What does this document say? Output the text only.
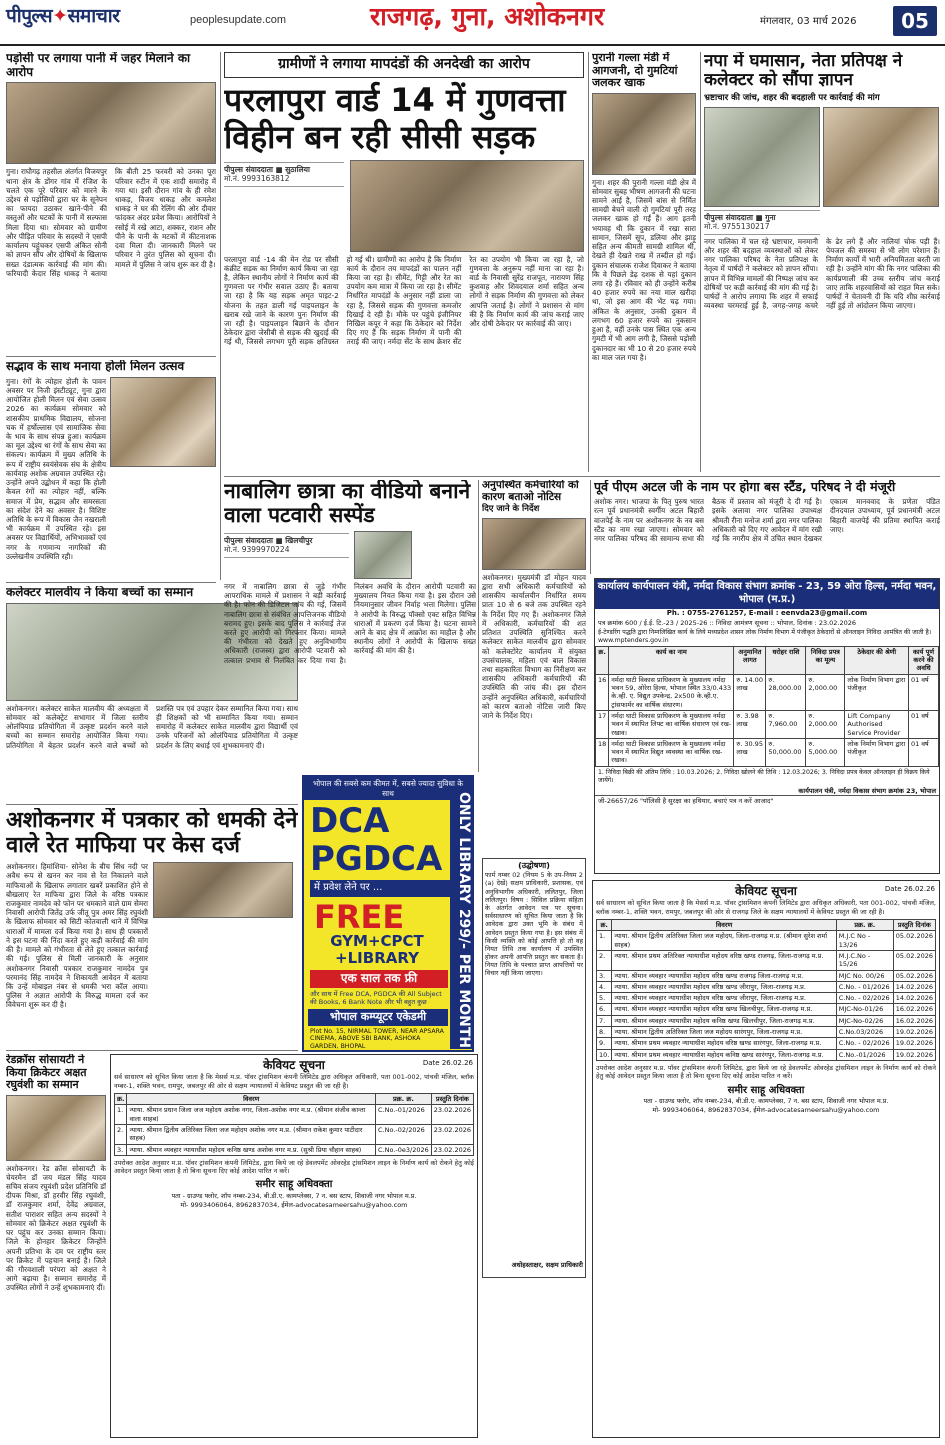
पीपुल्स✦समाचार	peoplesupdate.com	राजगढ़, गुना, अशोकनगर	मंगलवार, 03 मार्च 2026	05
पड़ोसी पर लगाया पानी में जहर मिलाने का आरोप
गुना। राघौगढ़ तहसील अंतर्गत विजयपुर थाना क्षेत्र के डोंगर गांव में रंजिश के चलते एक पूरे परिवार को मारने के उद्देश्य से पड़ोसियों द्वारा घर के सूनेपन का फायदा उठाकर खाने-पीने की वस्तुओं और घटकों के पानी में सल्फास मिला दिया था। सोमवार को ग्रामीण और पीड़ित परिवार के सदस्यों ने एसपी कार्यालय पहुंचकर एसपी अंकित सोनी को ज्ञापन सौंप और दोषियों के खिलाफ सख्त दंडात्मक कार्रवाई की मांग की। फरियादी केदार सिंह धाकड़ ने बताया कि बीती 25 फरवरी को उनका पूरा परिवार रुटीन में एक शादी समारोह में गया था। इसी दौरान गांव के ही रमेश धाकड़, विजय धाकड़ और कमलेश धाकड़ ने घर की रेलिंग की ओर दीवार फांदकर अंदर प्रवेश किया। आरोपियों ने रसोई में रखे आटा, शक्कर, राशन और पीने के पानी के मटकों में कीटनाशक दवा मिला दी। जानकारी मिलने पर परिवार ने तुरंत पुलिस को सूचना दी। मामले में पुलिस ने जांच शुरू कर दी है।
सद्भाव के साथ मनाया होली मिलन उत्सव
गुना। रंगों के त्योहार होली के पावन अवसर पर निजी इंस्टीट्यूट, गुना द्वारा आयोजित होली मिलन एवं सेवा उत्सव 2026 का कार्यक्रम सोमवार को शासकीय प्राथमिक विद्यालय, सोजना चक में हर्षोल्लास एवं सामाजिक सेवा के भाव के साथ संपन्न हुआ। कार्यक्रम का मूल उद्देश्य था रंगों के साथ सेवा का संकल्प। कार्यक्रम में मुख्य अतिथि के रूप में राष्ट्रीय स्वयंसेवक संघ के क्षेत्रीय कार्यवाह अशोक अग्रवाल उपस्थित रहे। उन्होंने अपने उद्बोधन में कहा कि होली केवल रंगों का त्योहार नहीं, बल्कि समाज में प्रेम, सद्भाव और समरसता का संदेश देने का अवसर है। विशिष्ट अतिथि के रूप में विकास जैन नखराली भी कार्यक्रम में उपस्थित रहे। इस अवसर पर विद्यार्थियों, अभिभावकों एवं नगर के गणमान्य नागरिकों की उल्लेखनीय उपस्थिति रही।
कलेक्टर मालवीय ने किया बच्चों का सम्मान
अशोकनगर। कलेक्टर साकेत मालवीय की अध्यक्षता में सोमवार को कलेक्ट्रेट सभागार में जिला स्तरीय ओलंपियाड प्रतियोगिता में उत्कृष्ट प्रदर्शन करने वाले बच्चों का सम्मान समारोह आयोजित किया गया। प्रतियोगिता में बेहतर प्रदर्शन करने वाले बच्चों को प्रशस्ति पत्र एवं उपहार देकर सम्मानित किया गया। साथ ही शिक्षकों को भी सम्मानित किया गया। सम्मान समारोह में कलेक्टर साकेत मालवीय द्वारा विद्यार्थी एवं उनके परिजनों को ओलंपियाड प्रतियोगिता में उत्कृष्ट प्रदर्शन के लिए बधाई एवं शुभकामनाएं दी।
अशोकनगर में पत्रकार को धमकी देने वाले रेत माफिया पर केस दर्ज
अशोकनगर। हिमांशिया- सोनेश के बीच सिंध नदी पर अवैध रूप से खनन कर नाव से रेत निकालने वाले माफियाओं के खिलाफ लगातार खबरें प्रकाशित होने से बौखलाए रेत माफिया द्वारा जिले के वरिष्ठ पत्रकार राजकुमार नामदेव को फोन पर धमकाने वाले ग्राम सेमरा निवासी आरोपी जितेंद्र उर्फ जीतू पुत्र अमर सिंह रघुवंशी के खिलाफ सोमवार को सिटी कोतवाली थाने में विभिन्न धाराओं में मामला दर्ज किया गया है। साथ ही पत्रकारों ने इस घटना की निंदा करते हुए कड़ी कार्रवाई की मांग की है। मामले को गंभीरता से लेते हुए तत्काल कार्रवाई की गई। पुलिस से मिली जानकारी के अनुसार अशोकनगर निवासी पत्रकार राजकुमार नामदेव पुत्र परमानंद सिंह नामदेव ने शिकायती आवेदन में बताया कि उन्हें मोबाइल नंबर से धमकी भरा कॉल आया। पुलिस ने अज्ञात आरोपी के विरुद्ध मामला दर्ज कर विवेचना शुरू कर दी है।
रेडक्रॉस सोसायटी ने किया क्रिकेटर अक्षत रघुवंशी का सम्मान
अशोकनगर। रेड क्रॉस सोसायटी के चेयरमैन डॉ जय मंडल सिंह यादव सचिव संजय रघुवंशी प्रदेश प्रतिनिधि डॉ दीपक मिश्रा, डॉ हरवीर सिंह रघुवंशी, डॉ राजकुमार शर्मा, देवेंद्र अग्रवाल, सतीश पाराशर सहित अन्य सदस्यों ने सोमवार को क्रिकेटर अक्षत रघुवंशी के घर पहुंच कर उनका सम्मान किया। जिले के होनहार क्रिकेटर जिन्होंने अपनी प्रतिभा के दम पर राष्ट्रीय स्तर पर क्रिकेट में पहचान बनाई है। जिले की गौरवशाली परंपरा को अक्षत ने आगे बढ़ाया है। सम्मान समारोह में उपस्थित लोगों ने उन्हें शुभकामनाएं दीं।
ग्रामीणों ने लगाया मापदंडों की अनदेखी का आरोप
परलापुरा वार्ड 14 में गुणवत्ता विहीन बन रही सीसी सड़क
पीपुल्स संवाददाता ■ सुठालिया
मो.नं. 9993163812
परलापुरा वार्ड -14 की मेन रोड पर सीसी कंक्रीट सड़क का निर्माण कार्य किया जा रहा है, लेकिन स्थानीय लोगों ने निर्माण कार्य की गुणवत्ता पर गंभीर सवाल उठाए हैं। बताया जा रहा है कि यह सड़क अमृत पाइट-2 योजना के तहत डाली गई पाइपलाइन के खराब रखे जाने के कारण पुनः निर्माण की जा रही है। पाइपलाइन बिछाने के दौरान ठेकेदार द्वारा जेसीबी से सड़क की खुदाई की गई थी, जिससे लगभग पूरी सड़क क्षतिग्रस्त हो गई थी। ग्रामीणों का आरोप है कि निर्माण कार्य के दौरान तय मापदंडों का पालन नहीं किया जा रहा है। सीमेंट, गिट्टी और रेत का उपयोग कम मात्रा में किया जा रहा है। सीमेंट निर्धारित मापदंडों के अनुसार नहीं डाला जा रहा है, जिससे सड़क की गुणवत्ता कमजोर दिखाई दे रही है। मौके पर पहुंचे इंजीनियर निखिल कपूर ने कहा कि ठेकेदार को निर्देश दिए गए हैं कि सड़क निर्माण में पानी की तराई की जाए। नर्मदा सेंट के साथ क्रेशर सेंट रेत का उपयोग भी किया जा रहा है, जो गुणवत्ता के अनुरूप नहीं माना जा रहा है। वार्ड के निवासी सुरेंद्र राजपूत, नारायण सिंह कुशवाह और शिवदयाल शर्मा सहित अन्य लोगों ने सड़क निर्माण की गुणवत्ता को लेकर आपत्ति जताई है। लोगों ने प्रशासन से मांग की है कि निर्माण कार्य की जांच कराई जाए और दोषी ठेकेदार पर कार्रवाई की जाए।
पुरानी गल्ला मंडी में आगजनी, दो गुमटियां जलकर खाक
गुना। शहर की पुरानी गल्ला मंडी क्षेत्र में सोमवार सुबह भीषण आगजनी की घटना सामने आई है, जिसमें बांस से निर्मित सामग्री बेचने वाली दो गुमटियां पूरी तरह जलकर खाक हो गईं हैं। आग इतनी भयावह थी कि दुकान में रखा सारा सामान, जिसमें सूप, डलिया और झाड़ू सहित अन्य कीमती सामग्री शामिल थी, देखते ही देखते राख में तब्दील हो गई। दुकान संचालक राजेश दिवाकर ने बताया कि वे पिछले डेढ़ दशक से यहां दुकान लगा रहे हैं। रविवार को ही उन्होंने करीब 40 हजार रुपये का नया माल खरीदा था, जो इस आग की भेंट चढ़ गया। अंकित के अनुसार, उनकी दुकान में लगभग 60 हजार रुपये का नुकसान हुआ है, वहीं उनके पास स्थित एक अन्य गुमटी में भी आग लगी है, जिससे पड़ोसी दुकानदार का भी 10 से 20 हजार रुपये का माल जल गया है।
नपा में घमासान, नेता प्रतिपक्ष ने कलेक्टर को सौंपा ज्ञापन
भ्रष्टाचार की जांच, शहर की बदहाली पर कार्रवाई की मांग
पीपुल्स संवाददाता ■ गुना
मो.नं. 9755130217
नगर पालिका में चल रहे भ्रष्टाचार, मनमानी और शहर की बदहाल व्यवस्थाओं को लेकर नगर पालिका परिषद के नेता प्रतिपक्ष के नेतृत्व में पार्षदों ने कलेक्टर को ज्ञापन सौंपा। ज्ञापन में विभिन्न मामलों की निष्पक्ष जांच कर दोषियों पर कड़ी कार्रवाई की मांग की गई है। पार्षदों ने आरोप लगाया कि शहर में सफाई व्यवस्था चरमराई हुई है, जगह-जगह कचरे के ढेर लगे हैं और नालियां चोक पड़ी हैं। पेयजल की समस्या से भी लोग परेशान हैं। निर्माण कार्यों में भारी अनियमितता बरती जा रही है। उन्होंने मांग की कि नगर पालिका की कार्यप्रणाली की उच्च स्तरीय जांच कराई जाए ताकि शहरवासियों को राहत मिल सके। पार्षदों ने चेतावनी दी कि यदि शीघ्र कार्रवाई नहीं हुई तो आंदोलन किया जाएगा।
नाबालिग छात्रा का वीडियो बनाने वाला पटवारी सस्पेंड
पीपुल्स संवाददाता ■ खिलचीपुर
मो.नं. 9399970224
नगर में नाबालिग छात्रा से जुड़े गंभीर आपराधिक मामले में प्रशासन ने बड़ी कार्रवाई की है। फोन की डिजिटल जांच की गई, जिसमें नाबालिग छात्रा से संबंधित आपत्तिजनक वीडियो बरामद हुए। इसके बाद पुलिस ने कार्रवाई तेज करते हुए आरोपी को गिरफ्तार किया। मामले की गंभीरता को देखते हुए अनुविभागीय अधिकारी (राजस्व) द्वारा आरोपी पटवारी को तत्काल प्रभाव से निलंबित कर दिया गया है। निलंबन अवधि के दौरान आरोपी पटवारी का मुख्यालय नियत किया गया है। इस दौरान उसे नियमानुसार जीवन निर्वाह भत्ता मिलेगा। पुलिस ने आरोपी के विरुद्ध पॉक्सो एक्ट सहित विभिन्न धाराओं में प्रकरण दर्ज किया है। घटना सामने आने के बाद क्षेत्र में आक्रोश का माहौल है और स्थानीय लोगों ने आरोपी के खिलाफ सख्त कार्रवाई की मांग की है।
अनुपस्थित कर्मचारियों को कारण बताओ नोटिस
दिए जाने के निर्देश
अशोकनगर। मुख्यमंत्री डॉ मोहन यादव द्वारा सभी अधिकारी कर्मचारियों को शासकीय कार्यालयीन निर्धारित समय प्रातः 10 से 6 बजे तक उपस्थित रहने के निर्देश दिए गए हैं। अशोकनगर जिले में अधिकारी, कर्मचारियों की शत प्रतिशत उपस्थिति सुनिश्चित करने कलेक्टर साकेत मालवीय द्वारा सोमवार को कलेक्टोरेट कार्यालय में संयुक्त उपसंचालक, महिला एवं बाल विकास तथा सहकारिता विभाग का निरीक्षण कर शासकीय अधिकारी कर्मचारियों की उपस्थिति की जांच की। इस दौरान उन्होंने अनुपस्थित अधिकारी, कर्मचारियों को कारण बताओ नोटिस जारी किए जाने के निर्देश दिए।
पूर्व पीएम अटल जी के नाम पर होगा बस स्टैंड, परिषद ने दी मंजूरी
अशोक नगर। भाजपा के पितृ पुरुष भारत रत्न पूर्व प्रधानमंत्री स्वर्गीय अटल बिहारी वाजपेई के नाम पर अशोकनगर के नव बस स्टैंड का नाम रखा जाएगा। सोमवार को नगर पालिका परिषद की सामान्य सभा की बैठक में प्रस्ताव को मंजूरी दे दी गई है। इसके अलावा नगर पालिका उपाध्यक्ष श्रीमती रीना मनोज शर्मा द्वारा नगर पालिका अधिकारी को दिए गए आवेदन में मांग रखी गई कि नगरीय क्षेत्र में उचित स्थान देखकर एकात्म मानववाद के प्रणेता पंडित दीनदयाल उपाध्याय, पूर्व प्रधानमंत्री अटल बिहारी वाजपेई की प्रतिमा स्थापित कराई जाए।
कार्यालय कार्यपालन यंत्री, नर्मदा विकास संभाग क्रमांक - 23, 59 ओरा हिल्स, नर्मदा भवन, भोपाल (म.प्र.)
Ph. : 0755-2761257, E-mail : eenvda23@gmail.com
पत्र क्रमांक 600 / ई.ई. टि.-23 / 2025-26 :: निविदा आमंत्रण सूचना :: भोपाल, दिनांक : 23.02.2026
ई-टेण्डरिंग पद्धति द्वारा निम्नलिखित कार्य के लिये मध्यप्रदेश शासन लोक निर्माण विभाग में पंजीकृत ठेकेदारों से ऑनलाइन निविदा आमंत्रित की जाती है। www.mptenders.gov.in
क्र.	कार्य का नाम	अनुमानित लागत	धरोहर राशि	निविदा प्रपत्र का मूल्य	ठेकेदार की श्रेणी	कार्य पूर्ण करने की अवधि
16	नर्मदा घाटी विकास प्राधिकरण के मुख्यालय नर्मदा भवन 59, ओरेरा हिल्स, भोपाल स्थित 33/0.433 के.व्ही. ए. विद्युत उपकेन्द्र, 2x500 के.व्ही.ए. ट्रांसफार्मर का वार्षिक संधारण।	रु. 14.00 लाख	रु. 28,000.00	रु. 2,000.00	लोक निर्माण विभाग द्वारा पंजीकृत	01 वर्ष
17	नर्मदा घाटी विकास प्राधिकरण के मुख्यालय नर्मदा भवन में स्थापित लिफ्ट का वार्षिक संधारण एवं रख-रखाव।	रु. 3.98 लाख	रु. 7,960.00	रु. 2,000.00	Lift Company Authorised Service Provider	01 वर्ष
18	नर्मदा घाटी विकास प्राधिकरण के मुख्यालय नर्मदा भवन में स्थापित विद्युत व्यवस्था का वार्षिक रख-रखाव।	रु. 30.95 लाख	रु. 50,000.00	रु. 5,000.00	लोक निर्माण विभाग द्वारा पंजीकृत	01 वर्ष
1. निविदा बिक्री की अंतिम तिथि : 10.03.2026; 2. निविदा खोलने की तिथि : 12.03.2026; 3. निविदा प्रपत्र केवल ऑनलाइन ही विक्रय किये जायेंगे।
कार्यपालन यंत्री, नर्मदा विकास संभाग क्रमांक 23, भोपाल
जी-26657/26 "पॉलिसी है सुरक्षा का हथियार, बचाएं पत्र न करें आजाद"
भोपाल की सबसे कम कीमत में, सबसे ज्यादा सुविधा के साथ
DCA
PGDCA
में प्रवेश लेने पर ...
FREE
GYM+CPCT +LIBRARY
एक साल तक फ्री
और साथ में Free DCA, PGDCA की All Subject की Books, 6 Bank Note और भी बहुत कुछ
भोपाल कम्प्यूटर एकेडमी
Plot No. 15, NIRMAL TOWER, NEAR APSARA CINEMA, ABOVE SBI BANK, ASHOKA GARDEN, BHOPAL	ONLY LIBRARY 299/- PER MONTH	(उद्घोषणा)
फार्म नम्बर 02 (नियम 5 के उप-नियम 2 (a) देखें) सक्षम प्राधिकारी, प्रशासक, एवं अनुविभागीय अधिकारी, ललितपुर, जिला ललितपुर। विषय : सिविल प्रक्रिया संहिता के अंतर्गत आवेदन पत्र पर सूचना। सर्वसाधारण को सूचित किया जाता है कि आवेदक द्वारा उक्त भूमि के संबंध में आवेदन प्रस्तुत किया गया है। इस संबंध में किसी व्यक्ति को कोई आपत्ति हो तो वह नियत तिथि तक कार्यालय में उपस्थित होकर अपनी आपत्ति प्रस्तुत कर सकता है। नियत तिथि के पश्चात प्राप्त आपत्तियों पर विचार नहीं किया जाएगा।
अधोहस्ताक्षर, सक्षम प्राधिकारी
केवियट सूचना	Date 26.02.26
सर्व साधारण को सूचित किया जाता है कि मेसर्स म.प्र. पॉवर ट्रांसमिशन कंपनी लिमिटेड द्वारा अधिकृत अधिकारी, पता 001-002, पांचवी मंजिल, ब्लॉक नम्बर-1, शक्ति भवन, रामपुर, जबलपुर की ओर से सक्षम न्यायालयों में केवियट प्रस्तुत की जा रही है।
क्र.	विवरण	प्रक्र. क्र.	प्रस्तुति दिनांक
1.	न्याया. श्रीमान प्रधान जिला जज महोदय अशोक नगर, जिला-अशोक नगर म.प्र. (श्रीमान संजीव कान्ता वाला साहब)	C.No.-01/2026	23.02.2026
2.	न्याया. श्रीमान द्वितीय अतिरिक्त जिला जज महोदय अशोक नगर म.प्र. (श्रीमान राकेश कुमार पाटीदार साहब)	C.No.-02/2026	23.02.2026
3.	न्याया. श्रीमान व्यवहार न्यायाधीश महोदय कनिष्ठ खण्ड अशोक नगर म.प्र. (सुश्री प्रिया चौहान साहब)	C.No.-0e3/2026	23.02.2026
उपरोक्त आदेश अनुसार म.प्र. पॉवर ट्रांसमिशन कंपनी लिमिटेड, द्वारा किये जा रहे डेवलपमेंट ओवरहेड ट्रांसमिशन लाइन के निर्माण कार्य को रोकने हेतु कोई आवेदन प्रस्तुत किया जाता है तो बिना सूचना दिए कोई आदेश पारित न करें।
समीर साहू अधिवक्ता
पता - ग्राउण्ड फ्लोर, शॉप नम्बर-234, बी.डी.ए. कामप्लेक्स, 7 न. बस स्टाप, शिवाजी नगर भोपाल म.प्र.
मो- 9993406064, 8962837034, ईमेल-advocatesameersahu@yahoo.com
केवियट सूचना	Date 26.02.26
सर्व साधारण को सूचित किया जाता है कि मेसर्स म.प्र. पॉवर ट्रांसमिशन कंपनी लिमिटेड द्वारा अधिकृत अधिकारी, पता 001-002, पांचवी मंजिल, ब्लॉक नम्बर-1, शक्ति भवन, रामपुर, जबलपुर की ओर से राजगढ़ जिले के सक्षम न्यायालयों में केवियट प्रस्तुत की जा रही है।
क्र.	विवरण	प्रक्र. क्र.	प्रस्तुति दिनांक
1.	न्याया. श्रीमान द्वितीय अतिरिक्त जिला जज महोदय, जिला-राजगढ़ म.प्र. (श्रीमान सुरेश शर्मा साहब)	M.J.C No - 13/26	05.02.2026
2.	न्याया. श्रीमान प्रथम अतिरिक्त न्यायाधीश महोदय वरिष्ठ खण्ड राजगढ़, जिला-राजगढ़ म.प्र.	M.J.C.No - 15/26	05.02.2026
3.	न्याया. श्रीमान व्यवहार न्यायाधीश महोदय वरिष्ठ खण्ड राजगढ़ जिला-राजगढ़ म.प्र.	MJC No. 00/26	05.02.2026
4.	न्याया. श्रीमान व्यवहार न्यायाधीश महोदय वरिष्ठ खण्ड जीरापुर, जिला-राजगढ़ म.प्र.	C.No. - 01/2026	14.02.2026
5.	न्याया. श्रीमान व्यवहार न्यायाधीश महोदय वरिष्ठ खण्ड जीरापुर, जिला-राजगढ़ म.प्र.	C.No. - 02/2026	14.02.2026
6.	न्याया. श्रीमान व्यवहार न्यायाधीश महोदय वरिष्ठ खण्ड खिलचीपुर, जिला-राजगढ़ म.प्र.	MJC-No-01/26	16.02.2026
7.	न्याया. श्रीमान व्यवहार न्यायाधीश महोदय कनिष्ठ खण्ड खिलचीपुर, जिला-राजगढ़ म.प्र.	MJC-No-02/26	16.02.2026
8.	न्याया. श्रीमान द्वितीय अतिरिक्त जिला जज महोदय सारंगपुर, जिला-राजगढ़ म.प्र.	C.No.03/2026	19.02.2026
9.	न्याया. श्रीमान प्रथम व्यवहार न्यायाधीश महोदय वरिष्ठ खण्ड सारंगपुर, जिला-राजगढ़ म.प्र.	C.No. - 02/2026	19.02.2026
10.	न्याया. श्रीमान प्रथम व्यवहार न्यायाधीश महोदय कनिष्ठ खण्ड सारंगपुर, जिला-राजगढ़ म.प्र.	C.No.-01/2026	19.02.2026
उपरोक्त आदेश अनुसार म.प्र. पॉवर ट्रांसमिशन कंपनी लिमिटेड, द्वारा किये जा रहे डेवलपमेंट ओवरहेड ट्रांसमिशन लाइन के निर्माण कार्य को रोकने हेतु कोई आवेदन प्रस्तुत किया जाता है तो बिना सूचना दिए कोई आदेश पारित न करें।
समीर साहू अधिवक्ता
पता - ग्राउण्ड फ्लोर, शॉप नम्बर-234, बी.डी.ए. कामप्लेक्स, 7 न. बस स्टाप, शिवाजी नगर भोपाल म.प्र.
मो- 9993406064, 8962837034, ईमेल-advocatesameersahu@yahoo.com
